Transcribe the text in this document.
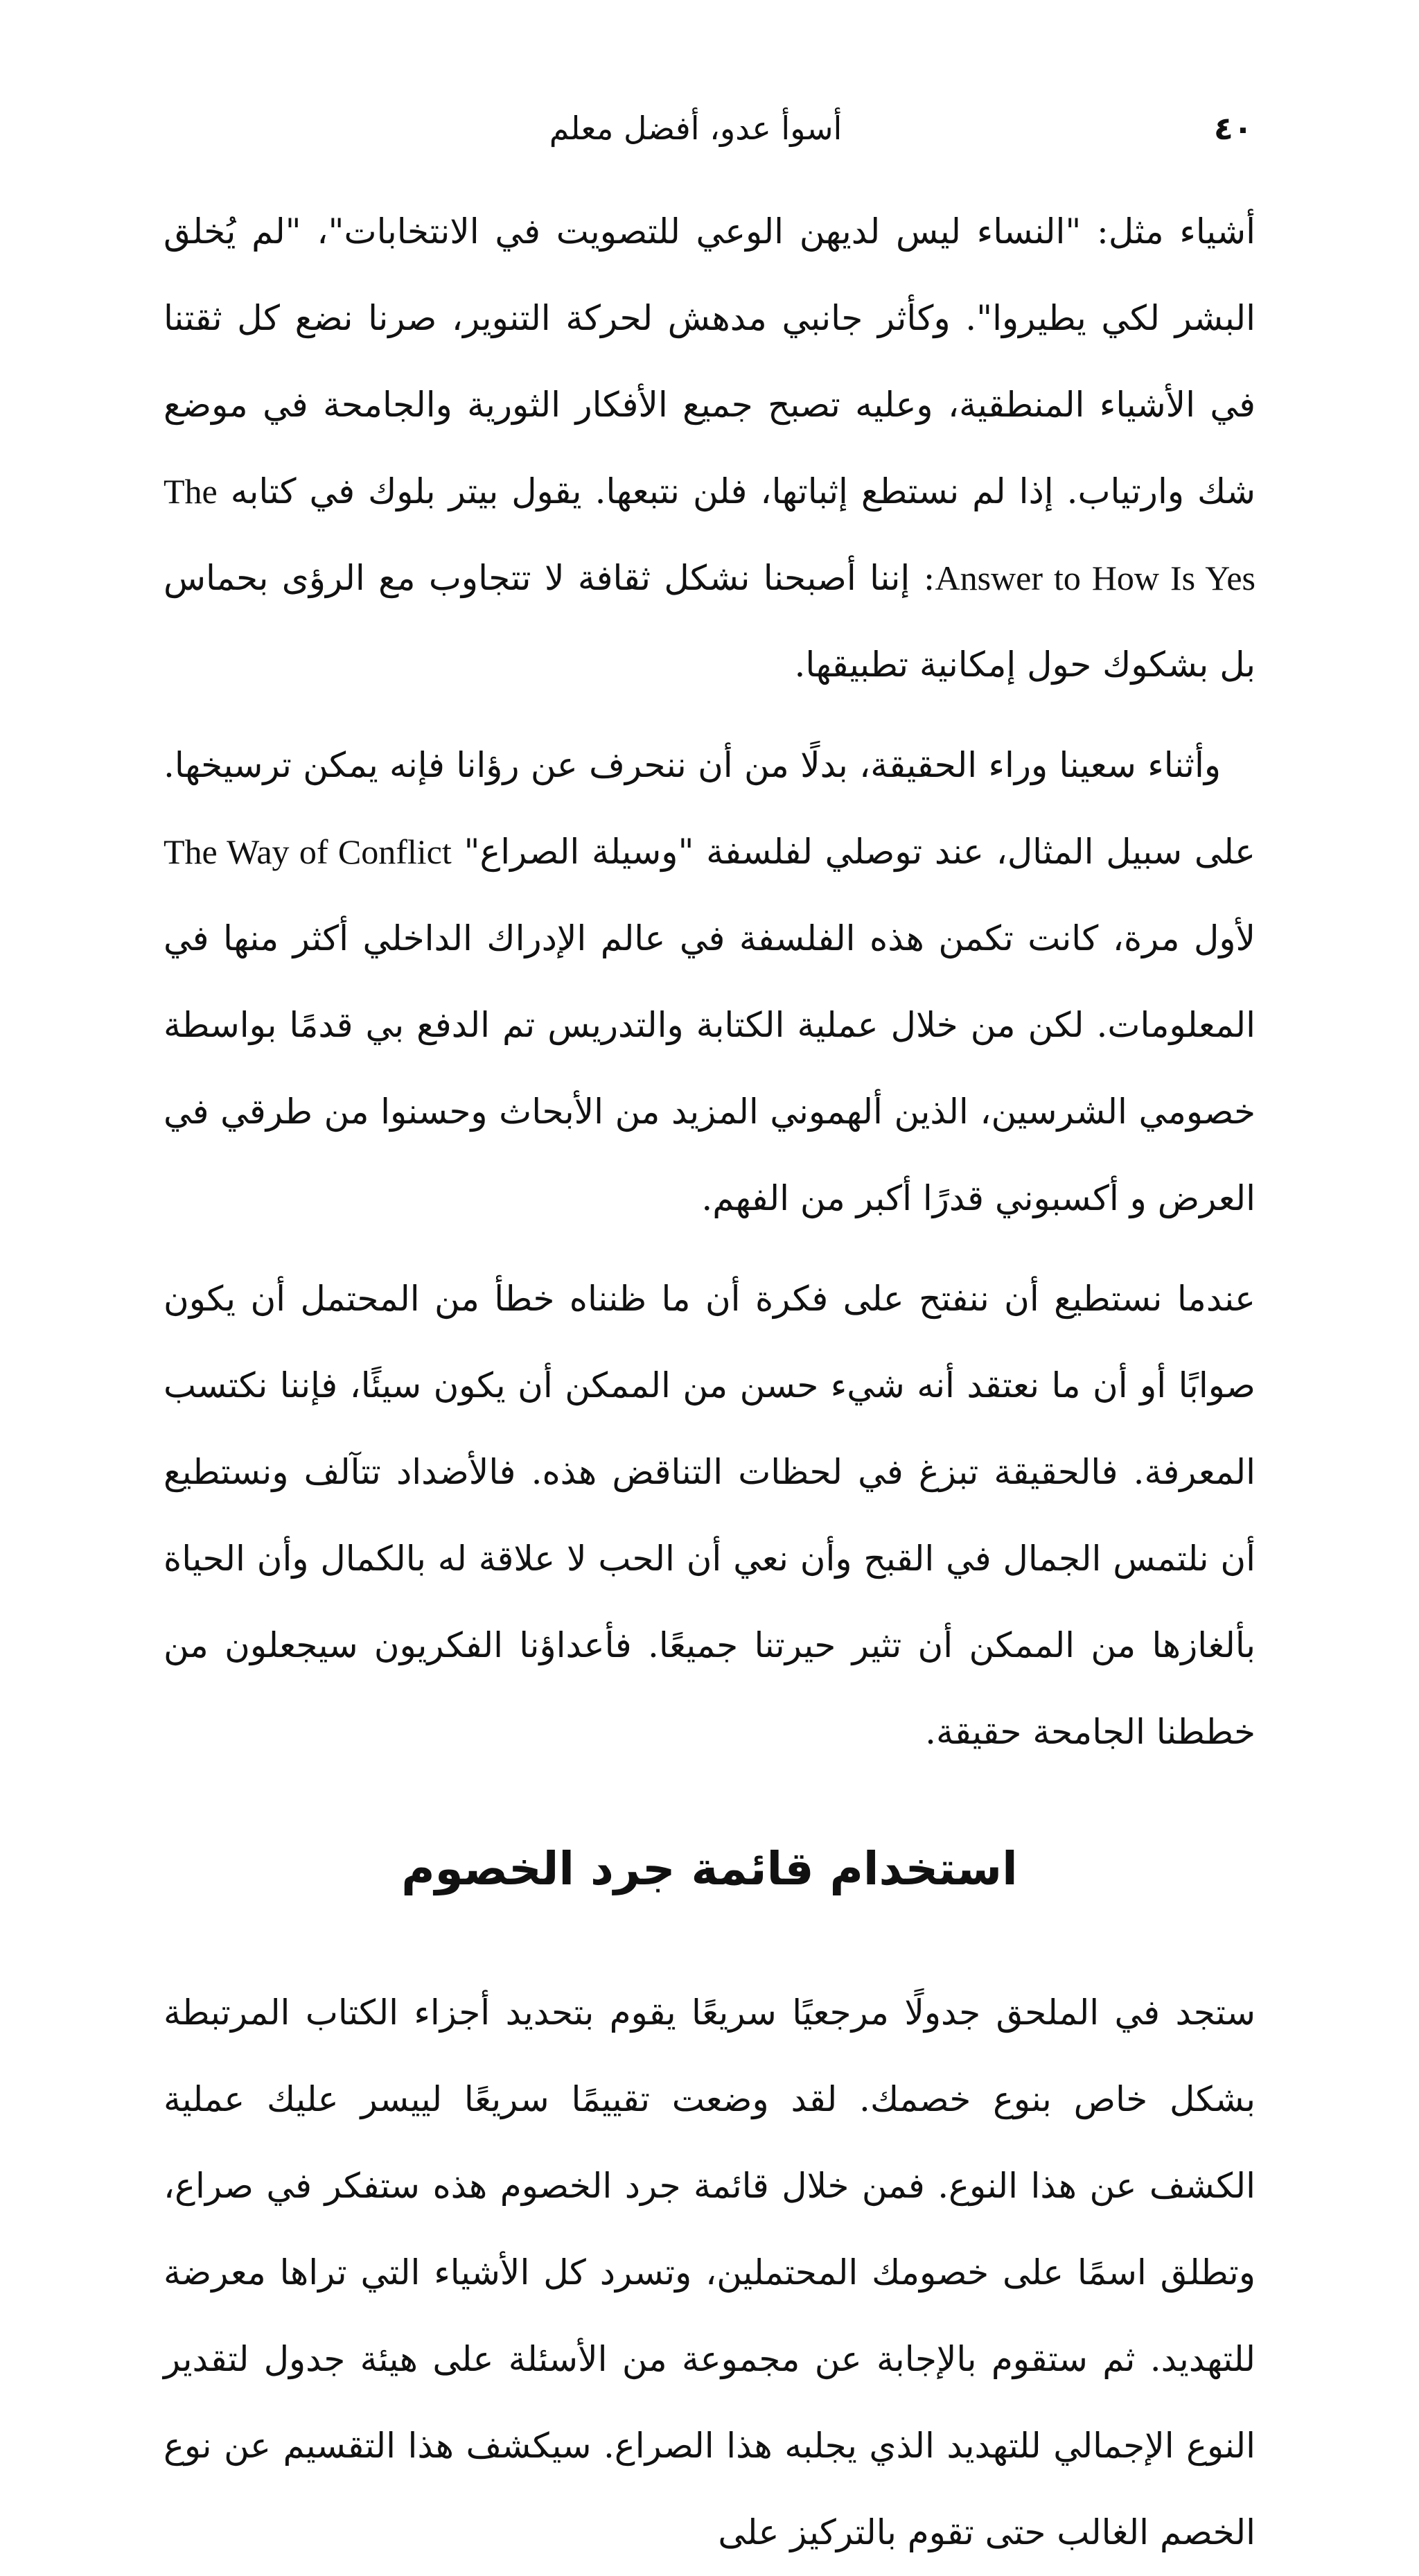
٤٠
أسوأ عدو، أفضل معلم

أشياء مثل: "النساء ليس لديهن الوعي للتصويت في الانتخابات"، "لم يُخلق البشر لكي يطيروا". وكأثر جانبي مدهش لحركة التنوير، صرنا نضع كل ثقتنا في الأشياء المنطقية، وعليه تصبح جميع الأفكار الثورية والجامحة في موضع شك وارتياب. إذا لم نستطع إثباتها، فلن نتبعها. يقول بيتر بلوك في كتابه The Answer to How Is Yes: إننا أصبحنا نشكل ثقافة لا تتجاوب مع الرؤى بحماس بل بشكوك حول إمكانية تطبيقها.

وأثناء سعينا وراء الحقيقة، بدلًا من أن ننحرف عن رؤانا فإنه يمكن ترسيخها. على سبيل المثال، عند توصلي لفلسفة "وسيلة الصراع" The Way of Conflict لأول مرة، كانت تكمن هذه الفلسفة في عالم الإدراك الداخلي أكثر منها في المعلومات. لكن من خلال عملية الكتابة والتدريس تم الدفع بي قدمًا بواسطة خصومي الشرسين، الذين ألهموني المزيد من الأبحاث وحسنوا من طرقي في العرض و أكسبوني قدرًا أكبر من الفهم.

عندما نستطيع أن ننفتح على فكرة أن ما ظنناه خطأ من المحتمل أن يكون صوابًا أو أن ما نعتقد أنه شيء حسن من الممكن أن يكون سيئًا، فإننا نكتسب المعرفة. فالحقيقة تبزغ في لحظات التناقض هذه. فالأضداد تتآلف ونستطيع أن نلتمس الجمال في القبح وأن نعي أن الحب لا علاقة له بالكمال وأن الحياة بألغازها من الممكن أن تثير حيرتنا جميعًا. فأعداؤنا الفكريون سيجعلون من خططنا الجامحة حقيقة.

استخدام قائمة جرد الخصوم

ستجد في الملحق جدولًا مرجعيًا سريعًا يقوم بتحديد أجزاء الكتاب المرتبطة بشكل خاص بنوع خصمك. لقد وضعت تقييمًا سريعًا لييسر عليك عملية الكشف عن هذا النوع. فمن خلال قائمة جرد الخصوم هذه ستفكر في صراع، وتطلق اسمًا على خصومك المحتملين، وتسرد كل الأشياء التي تراها معرضة للتهديد. ثم ستقوم بالإجابة عن مجموعة من الأسئلة على هيئة جدول لتقدير النوع الإجمالي للتهديد الذي يجلبه هذا الصراع. سيكشف هذا التقسيم عن نوع الخصم الغالب حتى تقوم بالتركيز على
